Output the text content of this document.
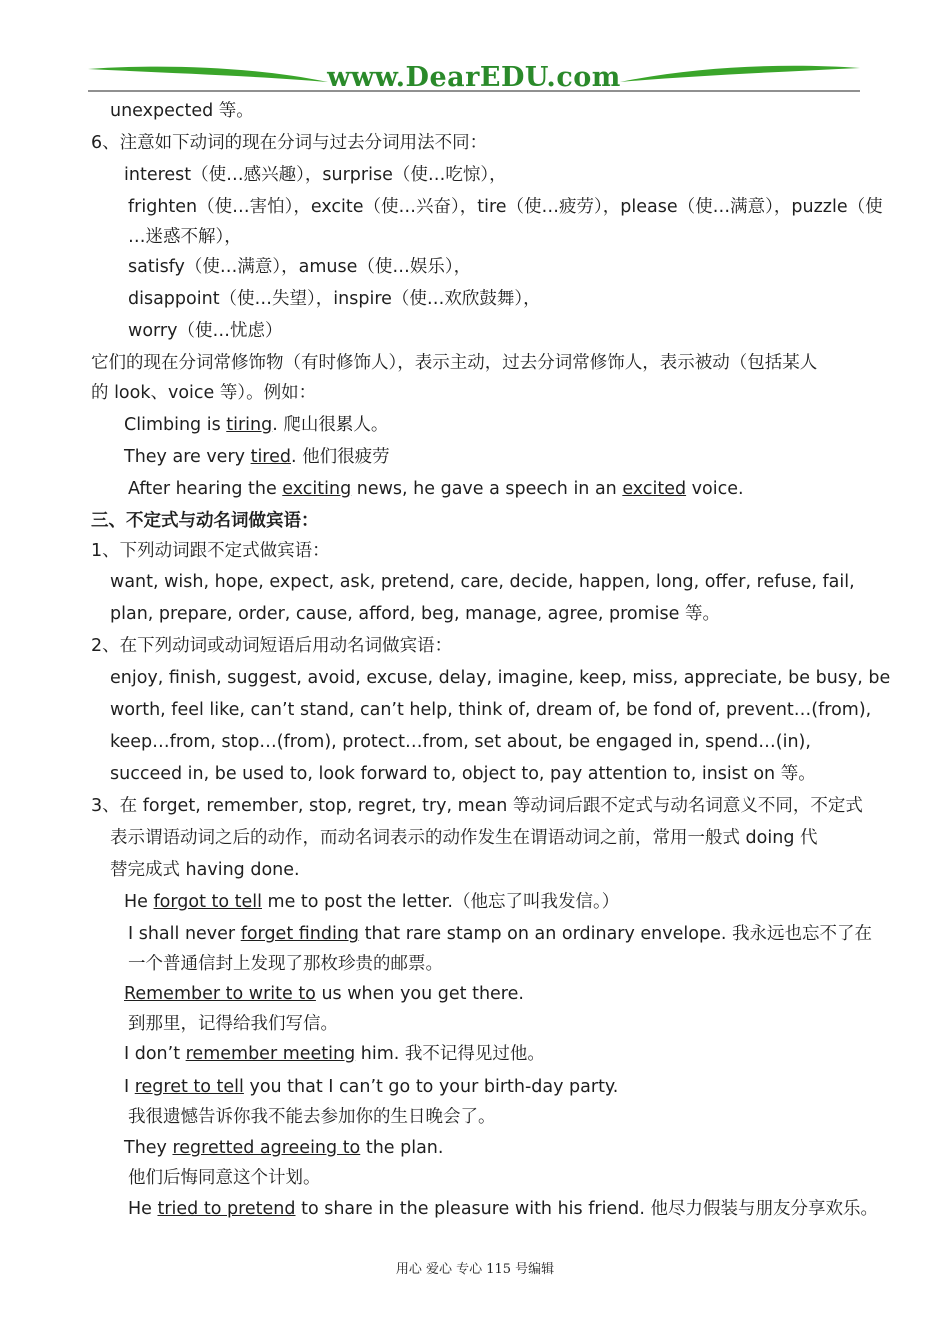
www.DearEDU.com
unexpected 等。
6、注意如下动词的现在分词与过去分词用法不同：
interest（使…感兴趣），surprise（使…吃惊），
frighten（使…害怕），excite（使…兴奋），tire（使…疲劳），please（使…满意），puzzle（使
…迷惑不解），
satisfy（使…满意），amuse（使…娱乐），
disappoint（使…失望），inspire（使…欢欣鼓舞），
worry（使…忧虑）
它们的现在分词常修饰物（有时修饰人），表示主动，过去分词常修饰人，表示被动（包括某人
的 look、voice 等）。例如：
Climbing is tiring. 爬山很累人。
They are very tired. 他们很疲劳
After hearing the exciting news, he gave a speech in an excited voice.
三、不定式与动名词做宾语：
1、下列动词跟不定式做宾语：
want, wish, hope, expect, ask, pretend, care, decide, happen, long, offer, refuse, fail,
plan, prepare, order, cause, afford, beg, manage, agree, promise 等。
2、在下列动词或动词短语后用动名词做宾语：
enjoy, finish, suggest, avoid, excuse, delay, imagine, keep, miss, appreciate, be busy, be
worth, feel like, can’t stand, can’t help, think of, dream of, be fond of, prevent…(from),
keep…from, stop…(from), protect…from, set about, be engaged in, spend…(in),
succeed in, be used to, look forward to, object to, pay attention to, insist on 等。
3、在 forget, remember, stop, regret, try, mean 等动词后跟不定式与动名词意义不同，不定式
表示谓语动词之后的动作，而动名词表示的动作发生在谓语动词之前，常用一般式 doing 代
替完成式 having done.
He forgot to tell me to post the letter.（他忘了叫我发信。）
I shall never forget finding that rare stamp on an ordinary envelope. 我永远也忘不了在
一个普通信封上发现了那枚珍贵的邮票。
Remember to write to us when you get there.
到那里，记得给我们写信。
I don’t remember meeting him. 我不记得见过他。
I regret to tell you that I can’t go to your birth-day party.
我很遗憾告诉你我不能去参加你的生日晚会了。
They regretted agreeing to the plan.
他们后悔同意这个计划。
He tried to pretend to share in the pleasure with his friend. 他尽力假装与朋友分享欢乐。
用心 爱心 专心 115 号编辑
